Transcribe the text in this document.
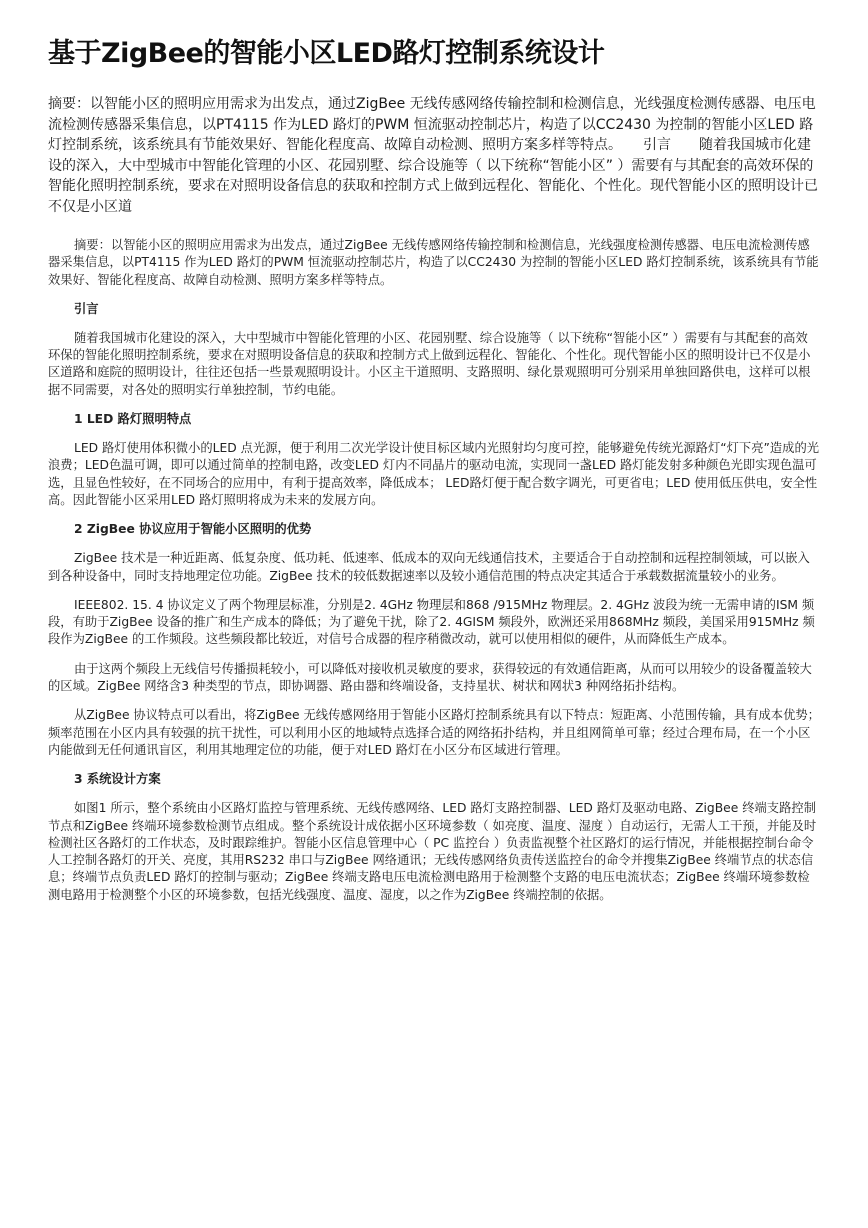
基于ZigBee的智能小区LED路灯控制系统设计

摘要：以智能小区的照明应用需求为出发点，通过ZigBee 无线传感网络传输控制和检测信息，光线强度检测传感器、电压电流检测传感器采集信息，以PT4115 作为LED 路灯的PWM 恒流驱动控制芯片，构造了以CC2430 为控制的智能小区LED 路灯控制系统，该系统具有节能效果好、智能化程度高、故障自动检测、照明方案多样等特点。　　引言　　随着我国城市化建设的深入，大中型城市中智能化管理的小区、花园别墅、综合设施等（ 以下统称“智能小区” ）需要有与其配套的高效环保的智能化照明控制系统，要求在对照明设备信息的获取和控制方式上做到远程化、智能化、个性化。现代智能小区的照明设计已不仅是小区道

摘要：以智能小区的照明应用需求为出发点，通过ZigBee 无线传感网络传输控制和检测信息，光线强度检测传感器、电压电流检测传感器采集信息，以PT4115 作为LED 路灯的PWM 恒流驱动控制芯片，构造了以CC2430 为控制的智能小区LED 路灯控制系统，该系统具有节能效果好、智能化程度高、故障自动检测、照明方案多样等特点。

引言

随着我国城市化建设的深入，大中型城市中智能化管理的小区、花园别墅、综合设施等（ 以下统称“智能小区” ）需要有与其配套的高效环保的智能化照明控制系统，要求在对照明设备信息的获取和控制方式上做到远程化、智能化、个性化。现代智能小区的照明设计已不仅是小区道路和庭院的照明设计，往往还包括一些景观照明设计。小区主干道照明、支路照明、绿化景观照明可分别采用单独回路供电，这样可以根据不同需要，对各处的照明实行单独控制，节约电能。

1 LED 路灯照明特点

LED 路灯使用体积微小的LED 点光源，便于利用二次光学设计使目标区域内光照射均匀度可控，能够避免传统光源路灯“灯下亮”造成的光浪费；LED色温可调，即可以通过简单的控制电路，改变LED 灯内不同晶片的驱动电流，实现同一盏LED 路灯能发射多种颜色光即实现色温可选，且显色性较好，在不同场合的应用中，有利于提高效率，降低成本； LED路灯便于配合数字调光，可更省电；LED 使用低压供电，安全性高。因此智能小区采用LED 路灯照明将成为未来的发展方向。

2 ZigBee 协议应用于智能小区照明的优势

ZigBee 技术是一种近距离、低复杂度、低功耗、低速率、低成本的双向无线通信技术，主要适合于自动控制和远程控制领域，可以嵌入到各种设备中，同时支持地理定位功能。ZigBee 技术的较低数据速率以及较小通信范围的特点决定其适合于承载数据流量较小的业务。

IEEE802. 15. 4 协议定义了两个物理层标准，分别是2. 4GHz 物理层和868 /915MHz 物理层。2. 4GHz 波段为统一无需申请的ISM 频段，有助于ZigBee 设备的推广和生产成本的降低；为了避免干扰，除了2. 4GISM 频段外，欧洲还采用868MHz 频段，美国采用915MHz 频段作为ZigBee 的工作频段。这些频段都比较近，对信号合成器的程序稍微改动，就可以使用相似的硬件，从而降低生产成本。

由于这两个频段上无线信号传播损耗较小，可以降低对接收机灵敏度的要求，获得较远的有效通信距离，从而可以用较少的设备覆盖较大的区域。ZigBee 网络含3 种类型的节点，即协调器、路由器和终端设备，支持星状、树状和网状3 种网络拓扑结构。

从ZigBee 协议特点可以看出，将ZigBee 无线传感网络用于智能小区路灯控制系统具有以下特点：短距离、小范围传输，具有成本优势；频率范围在小区内具有较强的抗干扰性，可以利用小区的地域特点选择合适的网络拓扑结构，并且组网简单可靠；经过合理布局，在一个小区内能做到无任何通讯盲区，利用其地理定位的功能，便于对LED 路灯在小区分布区域进行管理。

3 系统设计方案

如图1 所示，整个系统由小区路灯监控与管理系统、无线传感网络、LED 路灯支路控制器、LED 路灯及驱动电路、ZigBee 终端支路控制节点和ZigBee 终端环境参数检测节点组成。整个系统设计成依据小区环境参数（ 如亮度、温度、湿度 ）自动运行，无需人工干预，并能及时检测社区各路灯的工作状态，及时跟踪维护。智能小区信息管理中心（ PC 监控台 ）负责监视整个社区路灯的运行情况，并能根据控制台命令人工控制各路灯的开关、亮度，其用RS232 串口与ZigBee 网络通讯；无线传感网络负责传送监控台的命令并搜集ZigBee 终端节点的状态信息；终端节点负责LED 路灯的控制与驱动；ZigBee 终端支路电压电流检测电路用于检测整个支路的电压电流状态；ZigBee 终端环境参数检测电路用于检测整个小区的环境参数，包括光线强度、温度、湿度，以之作为ZigBee 终端控制的依据。
